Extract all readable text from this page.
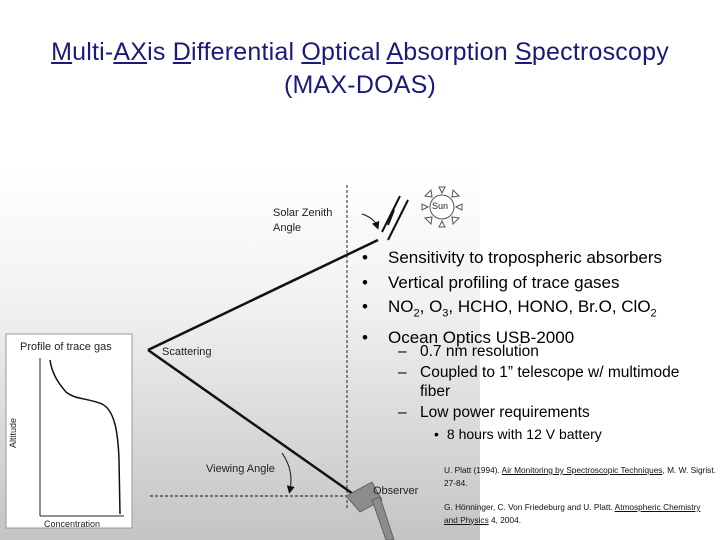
Multi-AXis Differential Optical Absorption Spectroscopy
(MAX-DOAS)
Solar Zenith
Angle
Sun
Profile of trace gas	Scattering
Altitude
Concentration
Viewing Angle
Observer
• Sensitivity to tropospheric absorbers
• Vertical profiling of trace gases
• $NO_2$, $O_3$, HCHO, HONO, Br.O, ClO$_2$
• Ocean Optics USB-2000
– 0.7 nm resolution
– Coupled to 1” telescope w/ multimode fiber
– Low power requirements
• 8 hours with 12 V battery
U. Platt (1994). Air Monitoring by Spectroscopic Techniques, M. W. Sigrist. 27-84.
G. Hönninger, C. Von Friedeburg and U. Platt. Atmospheric Chemistry and Physics 4, 2004.
